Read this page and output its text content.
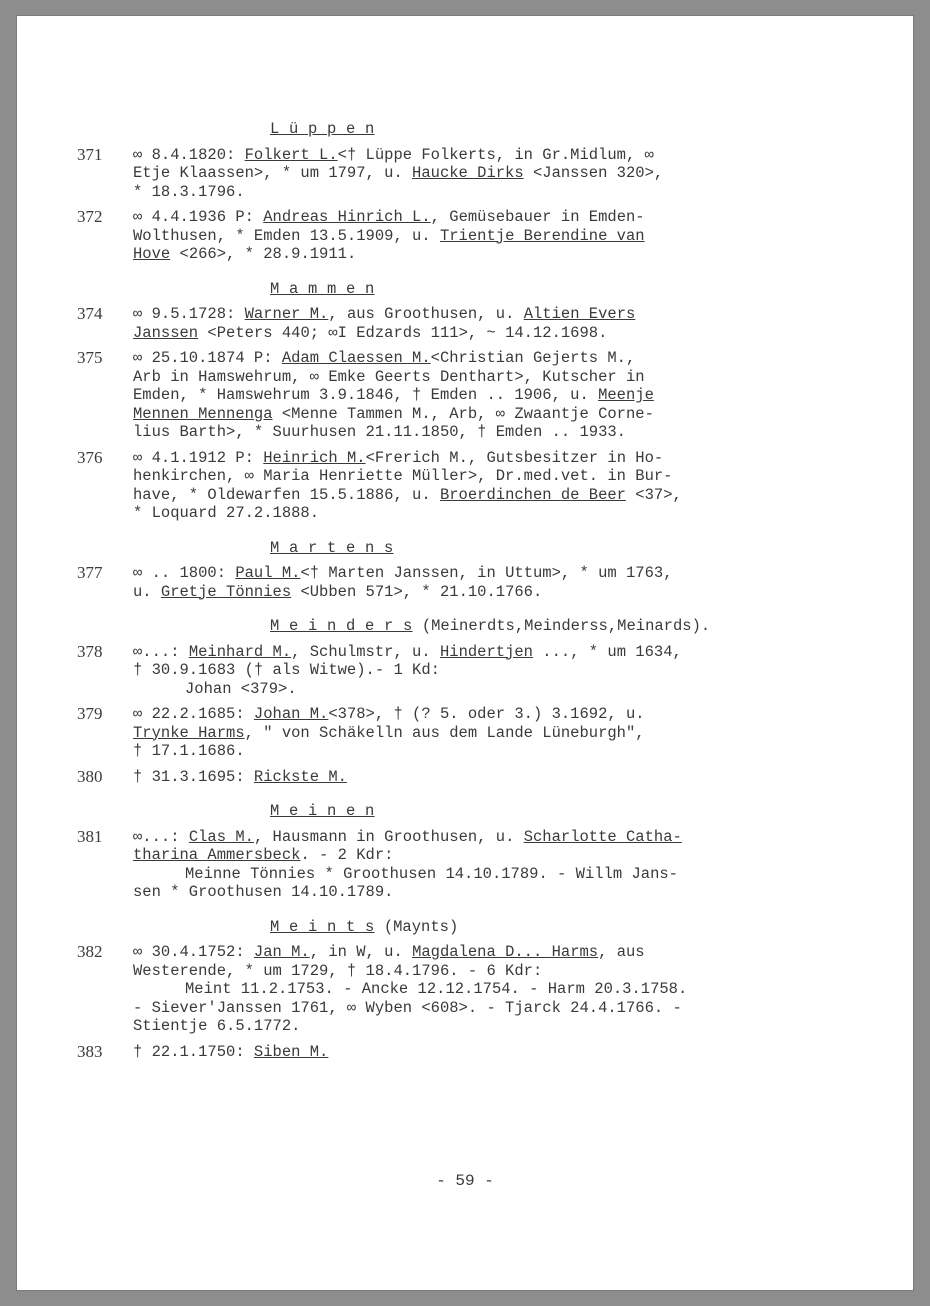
L ü p p e n
371	∞ 8.4.1820: Folkert L.<† Lüppe Folkerts, in Gr.Midlum, ∞
Etje Klaassen>, * um 1797, u. Haucke Dirks <Janssen 320>,
* 18.3.1796.
372	∞ 4.4.1936 P: Andreas Hinrich L., Gemüsebauer in Emden-
Wolthusen, * Emden 13.5.1909, u. Trientje Berendine van
Hove <266>, * 28.9.1911.
M a m m e n
374	∞ 9.5.1728: Warner M., aus Groothusen, u. Altien Evers
Janssen <Peters 440; ∞I Edzards 111>, ~ 14.12.1698.
375	∞ 25.10.1874 P: Adam Claessen M.<Christian Gejerts M.,
Arb in Hamswehrum, ∞ Emke Geerts Denthart>, Kutscher in
Emden, * Hamswehrum 3.9.1846, † Emden .. 1906, u. Meenje
Mennen Mennenga <Menne Tammen M., Arb, ∞ Zwaantje Corne-
lius Barth>, * Suurhusen 21.11.1850, † Emden .. 1933.
376	∞ 4.1.1912 P: Heinrich M.<Frerich M., Gutsbesitzer in Ho-
henkirchen, ∞ Maria Henriette Müller>, Dr.med.vet. in Bur-
have, * Oldewarfen 15.5.1886, u. Broerdinchen de Beer <37>,
* Loquard 27.2.1888.
M a r t e n s
377	∞ .. 1800: Paul M.<† Marten Janssen, in Uttum>, * um 1763,
u. Gretje Tönnies <Ubben 571>, * 21.10.1766.
M e i n d e r s (Meinerdts,Meinderss,Meinards).
378	∞...: Meinhard M., Schulmstr, u. Hindertjen ..., * um 1634,
† 30.9.1683 († als Witwe).- 1 Kd:
Johan <379>.
379	∞ 22.2.1685: Johan M.<378>, † (? 5. oder 3.) 3.1692, u.
Trynke Harms, " von Schäkelln aus dem Lande Lüneburgh",
† 17.1.1686.
380	† 31.3.1695: Rickste M.
M e i n e n
381	∞...: Clas M., Hausmann in Groothusen, u. Scharlotte Catha-
tharina Ammersbeck. - 2 Kdr:
Meinne Tönnies * Groothusen 14.10.1789. - Willm Jans-
sen * Groothusen 14.10.1789.
M e i n t s (Maynts)
382	∞ 30.4.1752: Jan M., in W, u. Magdalena D... Harms, aus
Westerende, * um 1729, † 18.4.1796. - 6 Kdr:
Meint 11.2.1753. - Ancke 12.12.1754. - Harm 20.3.1758.
- Siever'Janssen 1761, ∞ Wyben <608>. - Tjarck 24.4.1766. -
Stientje 6.5.1772.
383	† 22.1.1750: Siben M.
- 59 -
